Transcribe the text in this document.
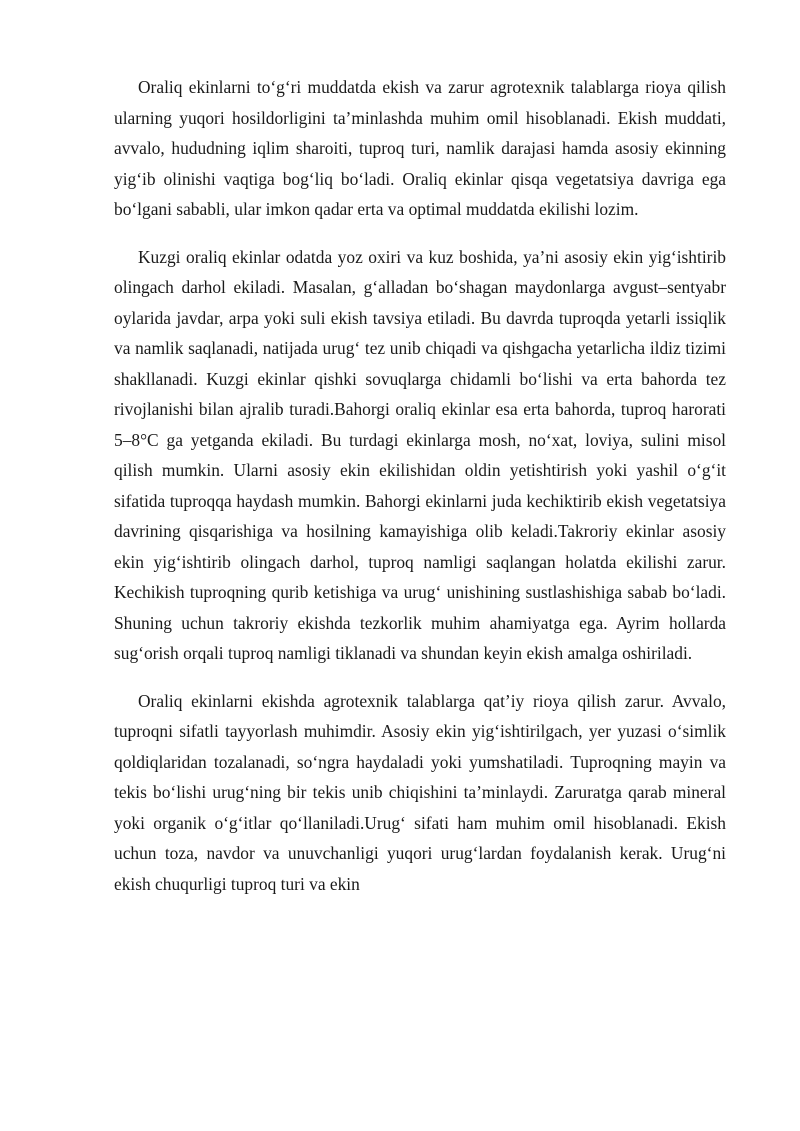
Oraliq ekinlarni to‘g‘ri muddatda ekish va zarur agrotexnik talablarga rioya qilish ularning yuqori hosildorligini ta’minlashda muhim omil hisoblanadi. Ekish muddati, avvalo, hududning iqlim sharoiti, tuproq turi, namlik darajasi hamda asosiy ekinning yig‘ib olinishi vaqtiga bog‘liq bo‘ladi. Oraliq ekinlar qisqa vegetatsiya davriga ega bo‘lgani sababli, ular imkon qadar erta va optimal muddatda ekilishi lozim.

Kuzgi oraliq ekinlar odatda yoz oxiri va kuz boshida, ya’ni asosiy ekin yig‘ishtirib olingach darhol ekiladi. Masalan, g‘alladan bo‘shagan maydonlarga avgust–sentyabr oylarida javdar, arpa yoki suli ekish tavsiya etiladi. Bu davrda tuproqda yetarli issiqlik va namlik saqlanadi, natijada urug‘ tez unib chiqadi va qishgacha yetarlicha ildiz tizimi shakllanadi. Kuzgi ekinlar qishki sovuqlarga chidamli bo‘lishi va erta bahorda tez rivojlanishi bilan ajralib turadi.Bahorgi oraliq ekinlar esa erta bahorda, tuproq harorati 5–8°C ga yetganda ekiladi. Bu turdagi ekinlarga mosh, no‘xat, loviya, sulini misol qilish mumkin. Ularni asosiy ekin ekilishidan oldin yetishtirish yoki yashil o‘g‘it sifatida tuproqqa haydash mumkin. Bahorgi ekinlarni juda kechiktirib ekish vegetatsiya davrining qisqarishiga va hosilning kamayishiga olib keladi.Takroriy ekinlar asosiy ekin yig‘ishtirib olingach darhol, tuproq namligi saqlangan holatda ekilishi zarur. Kechikish tuproqning qurib ketishiga va urug‘ unishining sustlashishiga sabab bo‘ladi. Shuning uchun takroriy ekishda tezkorlik muhim ahamiyatga ega. Ayrim hollarda sug‘orish orqali tuproq namligi tiklanadi va shundan keyin ekish amalga oshiriladi.

Oraliq ekinlarni ekishda agrotexnik talablarga qat’iy rioya qilish zarur. Avvalo, tuproqni sifatli tayyorlash muhimdir. Asosiy ekin yig‘ishtirilgach, yer yuzasi o‘simlik qoldiqlaridan tozalanadi, so‘ngra haydaladi yoki yumshatiladi. Tuproqning mayin va tekis bo‘lishi urug‘ning bir tekis unib chiqishini ta’minlaydi. Zaruratga qarab mineral yoki organik o‘g‘itlar qo‘llaniladi.Urug‘ sifati ham muhim omil hisoblanadi. Ekish uchun toza, navdor va unuvchanligi yuqori urug‘lardan foydalanish kerak. Urug‘ni ekish chuqurligi tuproq turi va ekin
